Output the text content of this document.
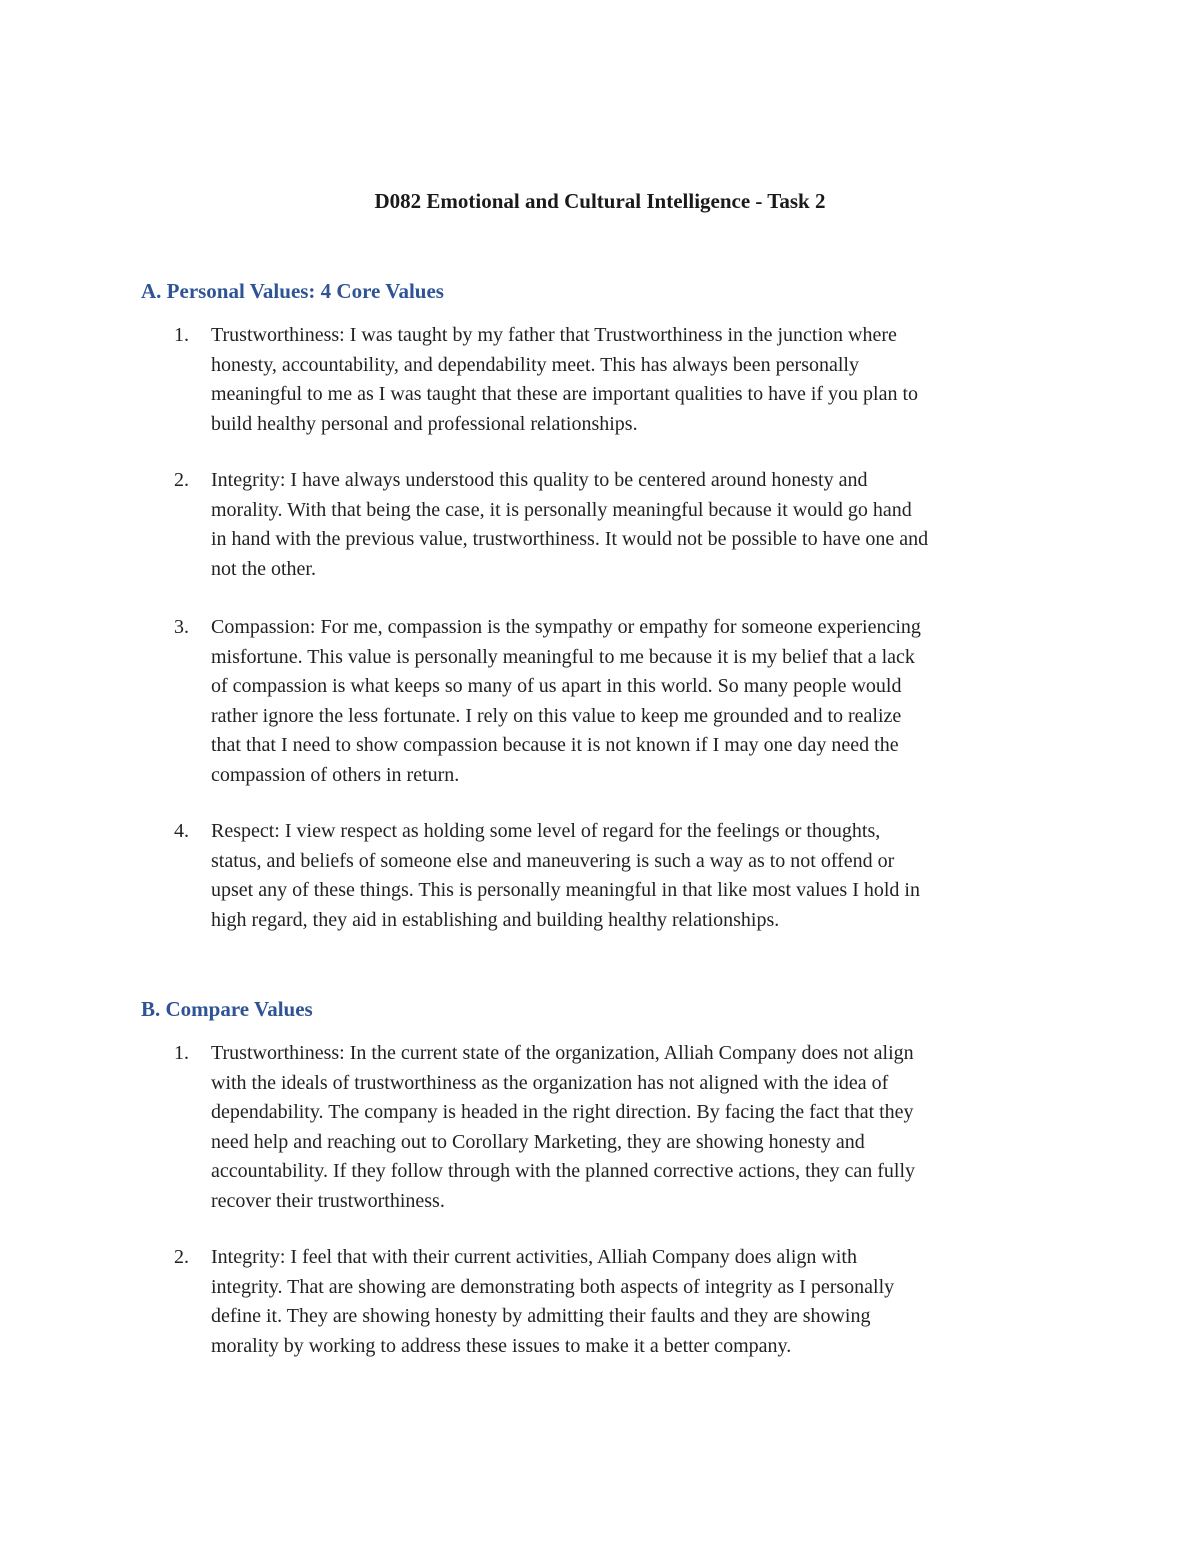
D082 Emotional and Cultural Intelligence - Task 2
A. Personal Values: 4 Core Values
1. Trustworthiness: I was taught by my father that Trustworthiness in the junction where
honesty, accountability, and dependability meet. This has always been personally
meaningful to me as I was taught that these are important qualities to have if you plan to
build healthy personal and professional relationships.

2. Integrity: I have always understood this quality to be centered around honesty and
morality. With that being the case, it is personally meaningful because it would go hand
in hand with the previous value, trustworthiness. It would not be possible to have one and
not the other.

3. Compassion: For me, compassion is the sympathy or empathy for someone experiencing
misfortune. This value is personally meaningful to me because it is my belief that a lack
of compassion is what keeps so many of us apart in this world. So many people would
rather ignore the less fortunate. I rely on this value to keep me grounded and to realize
that that I need to show compassion because it is not known if I may one day need the
compassion of others in return.

4. Respect: I view respect as holding some level of regard for the feelings or thoughts,
status, and beliefs of someone else and maneuvering is such a way as to not offend or
upset any of these things. This is personally meaningful in that like most values I hold in
high regard, they aid in establishing and building healthy relationships.

B. Compare Values
1. Trustworthiness: In the current state of the organization, Alliah Company does not align
with the ideals of trustworthiness as the organization has not aligned with the idea of
dependability. The company is headed in the right direction. By facing the fact that they
need help and reaching out to Corollary Marketing, they are showing honesty and
accountability. If they follow through with the planned corrective actions, they can fully
recover their trustworthiness.

2. Integrity: I feel that with their current activities, Alliah Company does align with
integrity. That are showing are demonstrating both aspects of integrity as I personally
define it. They are showing honesty by admitting their faults and they are showing
morality by working to address these issues to make it a better company.
